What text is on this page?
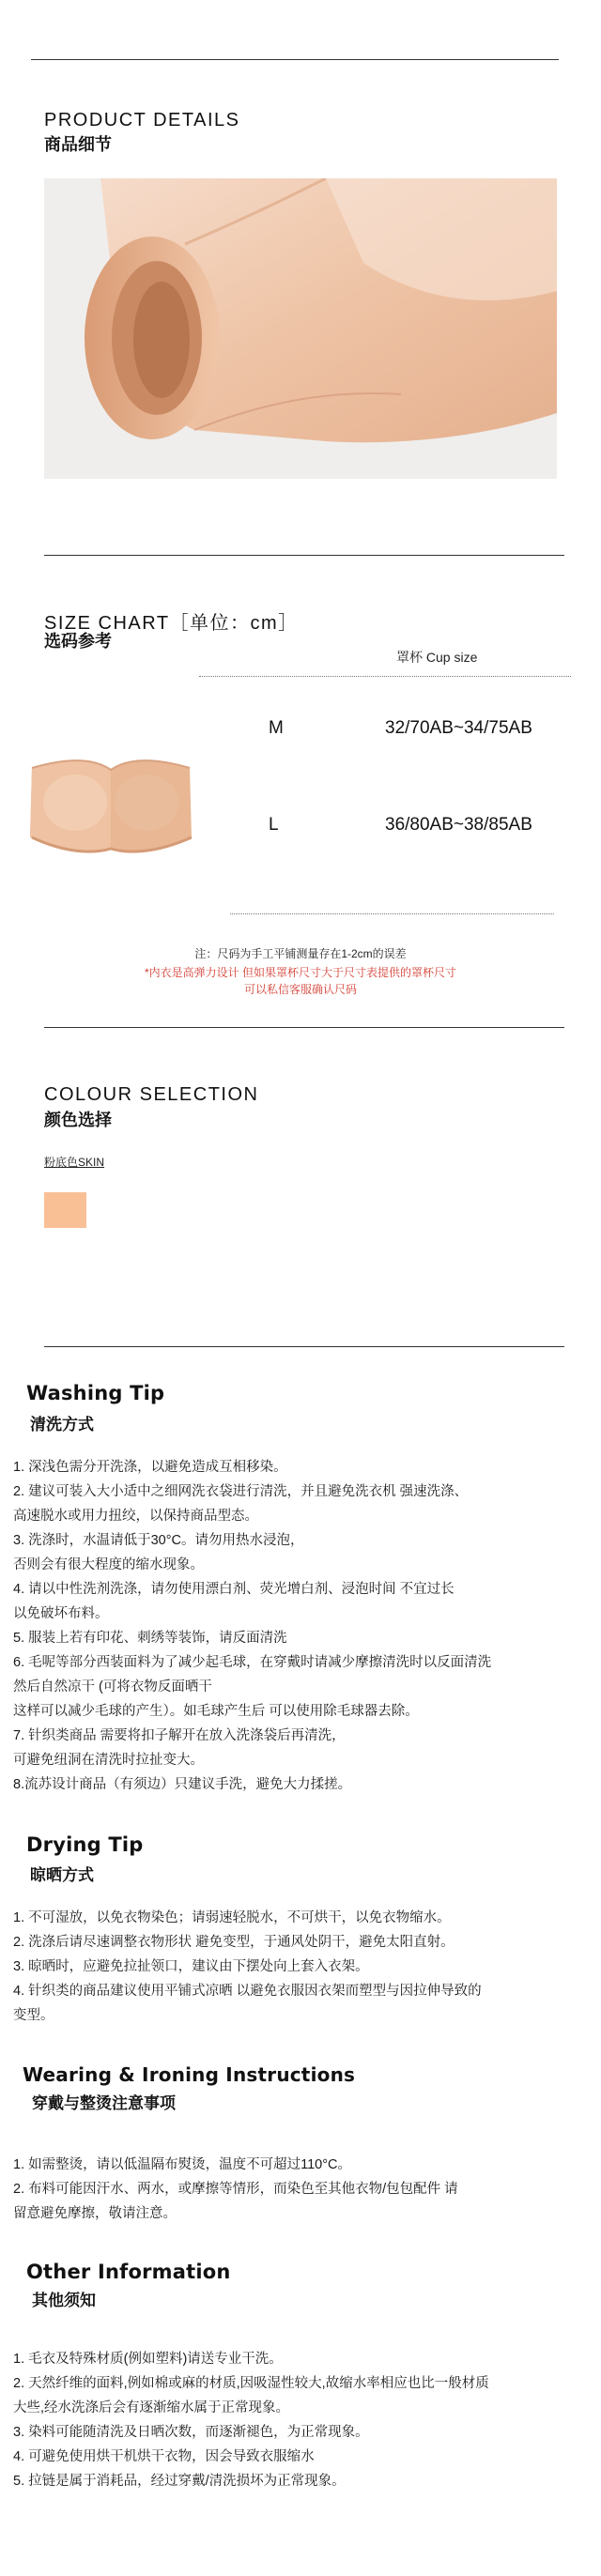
PRODUCT DETAILS
商品细节
SIZE CHART［单位：cm］
选码参考
罩杯 Cup size
M	32/70AB~34/75AB
L	36/80AB~38/85AB
注：尺码为手工平铺测量存在1-2cm的误差
*内衣是高弹力设计 但如果罩杯尺寸大于尺寸表提供的罩杯尺寸
可以私信客服确认尺码
COLOUR SELECTION
颜色选择
粉底色SKIN
Washing Tip
清洗方式

1. 深浅色需分开洗涤，以避免造成互相移染。

2. 建议可装入大小适中之细网洗衣袋进行清洗，并且避免洗衣机 强速洗涤、

高速脱水或用力扭绞，以保持商品型态。

3. 洗涤时，水温请低于30°C。请勿用热水浸泡，

否则会有很大程度的缩水现象。

4. 请以中性洗剂洗涤，请勿使用漂白剂、荧光增白剂、浸泡时间 不宜过长

以免破坏布料。

5. 服装上若有印花、刺绣等装饰，请反面清洗

6. 毛呢等部分西装面料为了减少起毛球，在穿戴时请减少摩擦清洗时以反面清洗

然后自然凉干 (可将衣物反面晒干

这样可以减少毛球的产生）。如毛球产生后 可以使用除毛球器去除。

7. 针织类商品 需要将扣子解开在放入洗涤袋后再清洗，

可避免纽洞在清洗时拉扯变大。

8.流苏设计商品（有须边）只建议手洗，避免大力揉搓。

Drying Tip
晾晒方式

1. 不可湿放，以免衣物染色；请弱速轻脱水，不可烘干，以免衣物缩水。

2. 洗涤后请尽速调整衣物形状 避免变型，于通风处阴干，避免太阳直射。

3. 晾晒时，应避免拉扯领口，建议由下摆处向上套入衣架。

4. 针织类的商品建议使用平铺式凉晒 以避免衣服因衣架而塑型与因拉伸导致的

变型。

Wearing & Ironing Instructions
穿戴与整烫注意事项

1. 如需整烫，请以低温隔布熨烫，温度不可超过110°C。

2. 布料可能因汗水、两水，或摩擦等情形，而染色至其他衣物/包包配件 请

留意避免摩擦，敬请注意。

Other Information
其他须知

1. 毛衣及特殊材质(例如塑料)请送专业干洗。

2. 天然纤维的面料,例如棉或麻的材质,因吸湿性较大,故缩水率相应也比一般材质

大些,经水洗涤后会有逐渐缩水属于正常现象。

3. 染料可能随清洗及日晒次数，而逐渐褪色，为正常现象。

4. 可避免使用烘干机烘干衣物，因会导致衣服缩水

5. 拉链是属于消耗品，经过穿戴/清洗损坏为正常现象。
